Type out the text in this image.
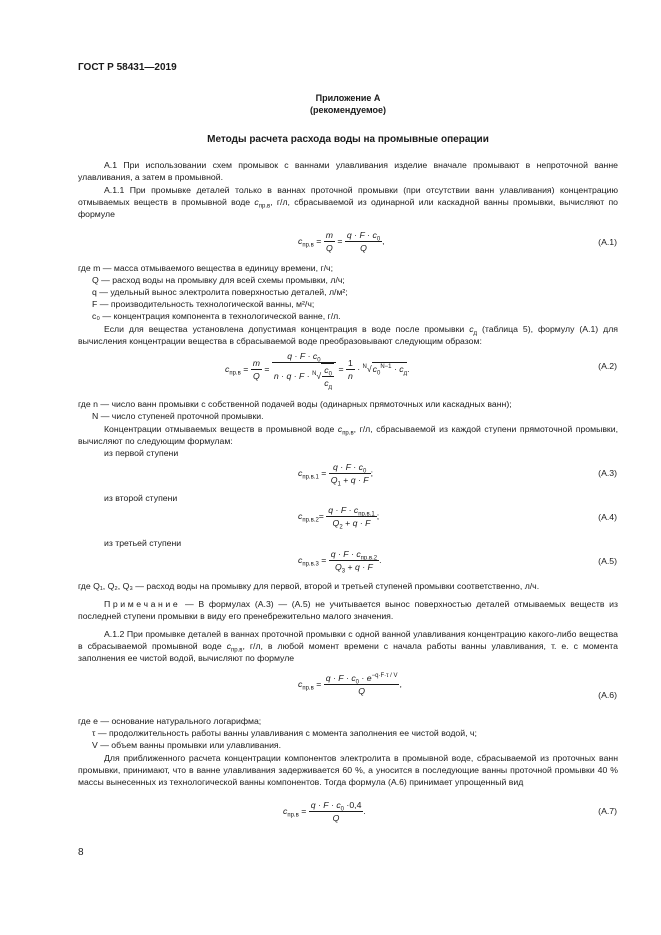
ГОСТ Р 58431—2019
Приложение А
(рекомендуемое)
Методы расчета расхода воды на промывные операции
А.1 При использовании схем промывок с ваннами улавливания изделие вначале промывают в непроточной ванне улавливания, а затем в промывной.
А.1.1 При промывке деталей только в ваннах проточной промывки (при отсутствии ванн улавливания) концентрацию отмываемых веществ в промывной воде $c_{пр.в}$, г/л, сбрасываемой из одинарной или каскадной ванны промывки, вычисляют по формуле
$c_{пр.в} = \frac{m}{Q} = \frac{q \cdot F \cdot c_0}{Q}$ ,	(А.1)
где m — масса отмываемого вещества в единицу времени, г/ч;
Q — расход воды на промывку для всей схемы промывки, л/ч;
q — удельный вынос электролита поверхностью деталей, л/м²;
F — производительность технологической ванны, м²/ч;
c₀ — концентрация компонента в технологической ванне, г/л.
Если для вещества установлена допустимая концентрация в воде после промывки $c_д$ (таблица 5), формулу (А.1) для вычисления концентрации вещества в сбрасываемой воде преобразовывают следующим образом:
$c_{пр.в} = \frac{m}{Q} = \frac{q \cdot F \cdot c_0}{n \cdot q \cdot F \cdot ^N√ \frac{c_0}{c_д}} = \frac{1}{n} \cdot ^N√c_0^{N-1} \cdot c_д$.	(А.2)
где n — число ванн промывки с собственной подачей воды (одинарных прямоточных или каскадных ванн);
N — число ступеней проточной промывки.
Концентрации отмываемых веществ в промывной воде $c_{пр.в}$, г/л, сбрасываемой из каждой ступени прямоточной промывки, вычисляют по следующим формулам:
из первой ступени
$c_{пр.в.1} = \frac{q \cdot F \cdot c_0}{Q_1 + q \cdot F}$ ;	(А.3)
из второй ступени
$c_{пр.в.2}= \frac{q \cdot F \cdot c_{пр.в.1}}{Q_2 + q \cdot F}$ ;	(А.4)
из третьей ступени
$c_{пр.в.3} = \frac{q \cdot F \cdot c_{пр.в.2}}{Q_3 + q \cdot F}$ .	(А.5)
где Q₁, Q₂, Q₃ — расход воды на промывку для первой, второй и третьей ступеней промывки соответственно, л/ч.
Примечание — В формулах (А.3) — (А.5) не учитывается вынос поверхностью деталей отмываемых веществ из последней ступени промывки в виду его пренебрежительно малого значения.
А.1.2 При промывке деталей в ваннах проточной промывки с одной ванной улавливания концентрацию какого-либо вещества в сбрасываемой промывной воде $c_{пр.в}$, г/л, в любой момент времени с начала работы ванны улавливания, т. е. с момента заполнения ее чистой водой, вычисляют по формуле
$c_{пр.в} = \frac{q \cdot F \cdot c_0 \cdot e^{-q\cdot F\cdot\tau / V}}{Q}$ ,
(А.6)
где e — основание натурального логарифма;
τ — продолжительность работы ванны улавливания с момента заполнения ее чистой водой, ч;
V — объем ванны промывки или улавливания.
Для приближенного расчета концентрации компонентов электролита в промывной воде, сбрасываемой из проточных ванн промывки, принимают, что в ванне улавливания задерживается 60 %, а уносится в последующие ванны проточной промывки 40 % массы вынесенных из технологической ванны компонентов. Тогда формула (А.6) принимает упрощенный вид
$c_{пр.в} = \frac{q \cdot F \cdot c_0 \cdot 0,4}{Q}$ .	(А.7)
8
